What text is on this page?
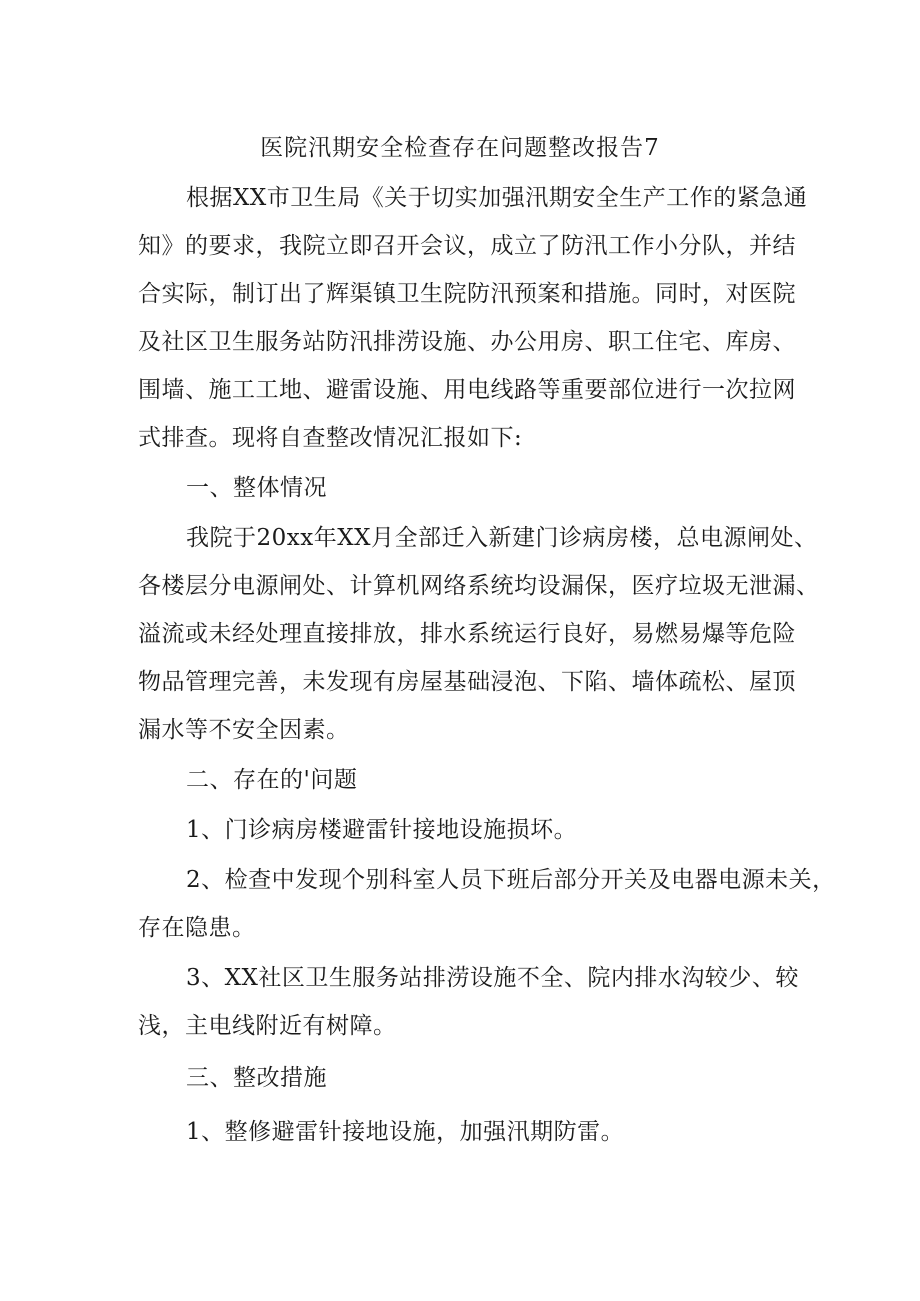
医院汛期安全检查存在问题整改报告7
根据XX市卫生局《关于切实加强汛期安全生产工作的紧急通
知》的要求，我院立即召开会议，成立了防汛工作小分队，并结
合实际，制订出了辉渠镇卫生院防汛预案和措施。同时，对医院
及社区卫生服务站防汛排涝设施、办公用房、职工住宅、库房、
围墙、施工工地、避雷设施、用电线路等重要部位进行一次拉网
式排查。现将自查整改情况汇报如下:
一、整体情况
我院于20xx年XX月全部迁入新建门诊病房楼，总电源闸处、
各楼层分电源闸处、计算机网络系统均设漏保，医疗垃圾无泄漏、
溢流或未经处理直接排放，排水系统运行良好，易燃易爆等危险
物品管理完善，未发现有房屋基础浸泡、下陷、墙体疏松、屋顶
漏水等不安全因素。
二、存在的'问题
1、门诊病房楼避雷针接地设施损坏。
2、检查中发现个别科室人员下班后部分开关及电器电源未关，
存在隐患。
3、XX社区卫生服务站排涝设施不全、院内排水沟较少、较
浅，主电线附近有树障。
三、整改措施
1、整修避雷针接地设施，加强汛期防雷。
